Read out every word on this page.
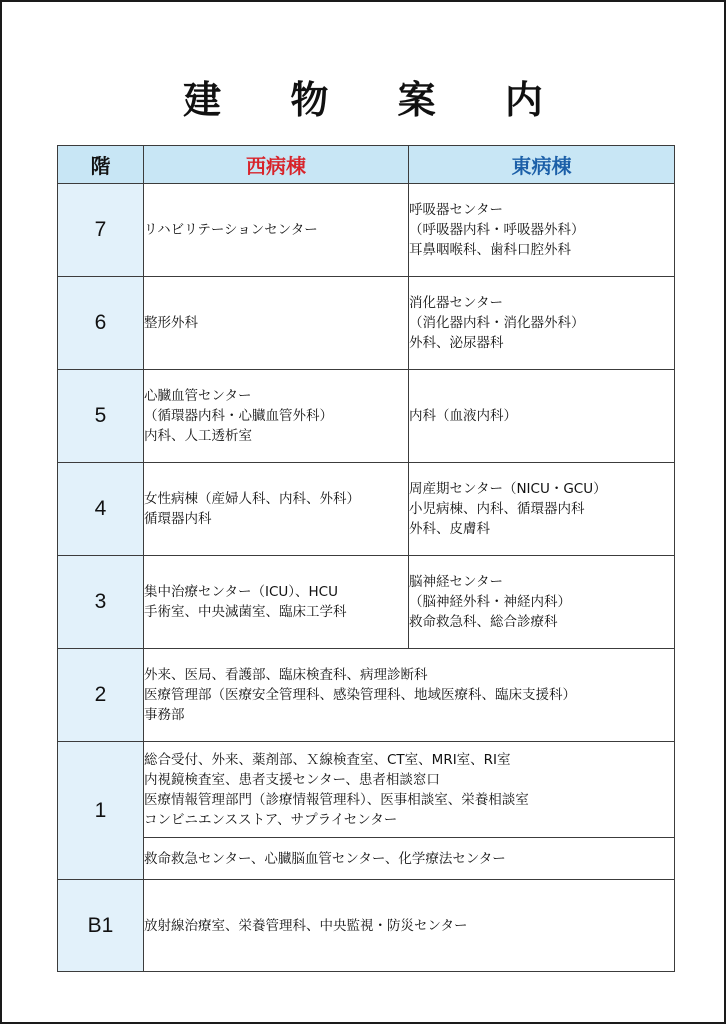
建 物 案 内
階	西病棟	東病棟
7	リハビリテーションセンター	呼吸器センター
（呼吸器内科・呼吸器外科）
耳鼻咽喉科、歯科口腔外科

6	整形外科	消化器センター
（消化器内科・消化器外科）
外科、泌尿器科

5	心臓血管センター
（循環器内科・心臓血管外科）
内科、人工透析室	内科（血液内科）

4	女性病棟（産婦人科、内科、外科）
循環器内科	周産期センター（NICU・GCU）
小児病棟、内科、循環器内科
外科、皮膚科

3	集中治療センター（ICU）、HCU
手術室、中央滅菌室、臨床工学科	脳神経センター
（脳神経外科・神経内科）
救命救急科、総合診療科

2	外来、医局、看護部、臨床検査科、病理診断科
医療管理部（医療安全管理科、感染管理科、地域医療科、臨床支援科）
事務部	

1	総合受付、外来、薬剤部、Ｘ線検査室、CT室、MRI室、RI室
内視鏡検査室、患者支援センター、患者相談窓口
医療情報管理部門（診療情報管理科）、医事相談室、栄養相談室
コンビニエンスストア、サプライセンター	

	救命救急センター、心臓脳血管センター、化学療法センター	

B1	放射線治療室、栄養管理科、中央監視・防災センター	
